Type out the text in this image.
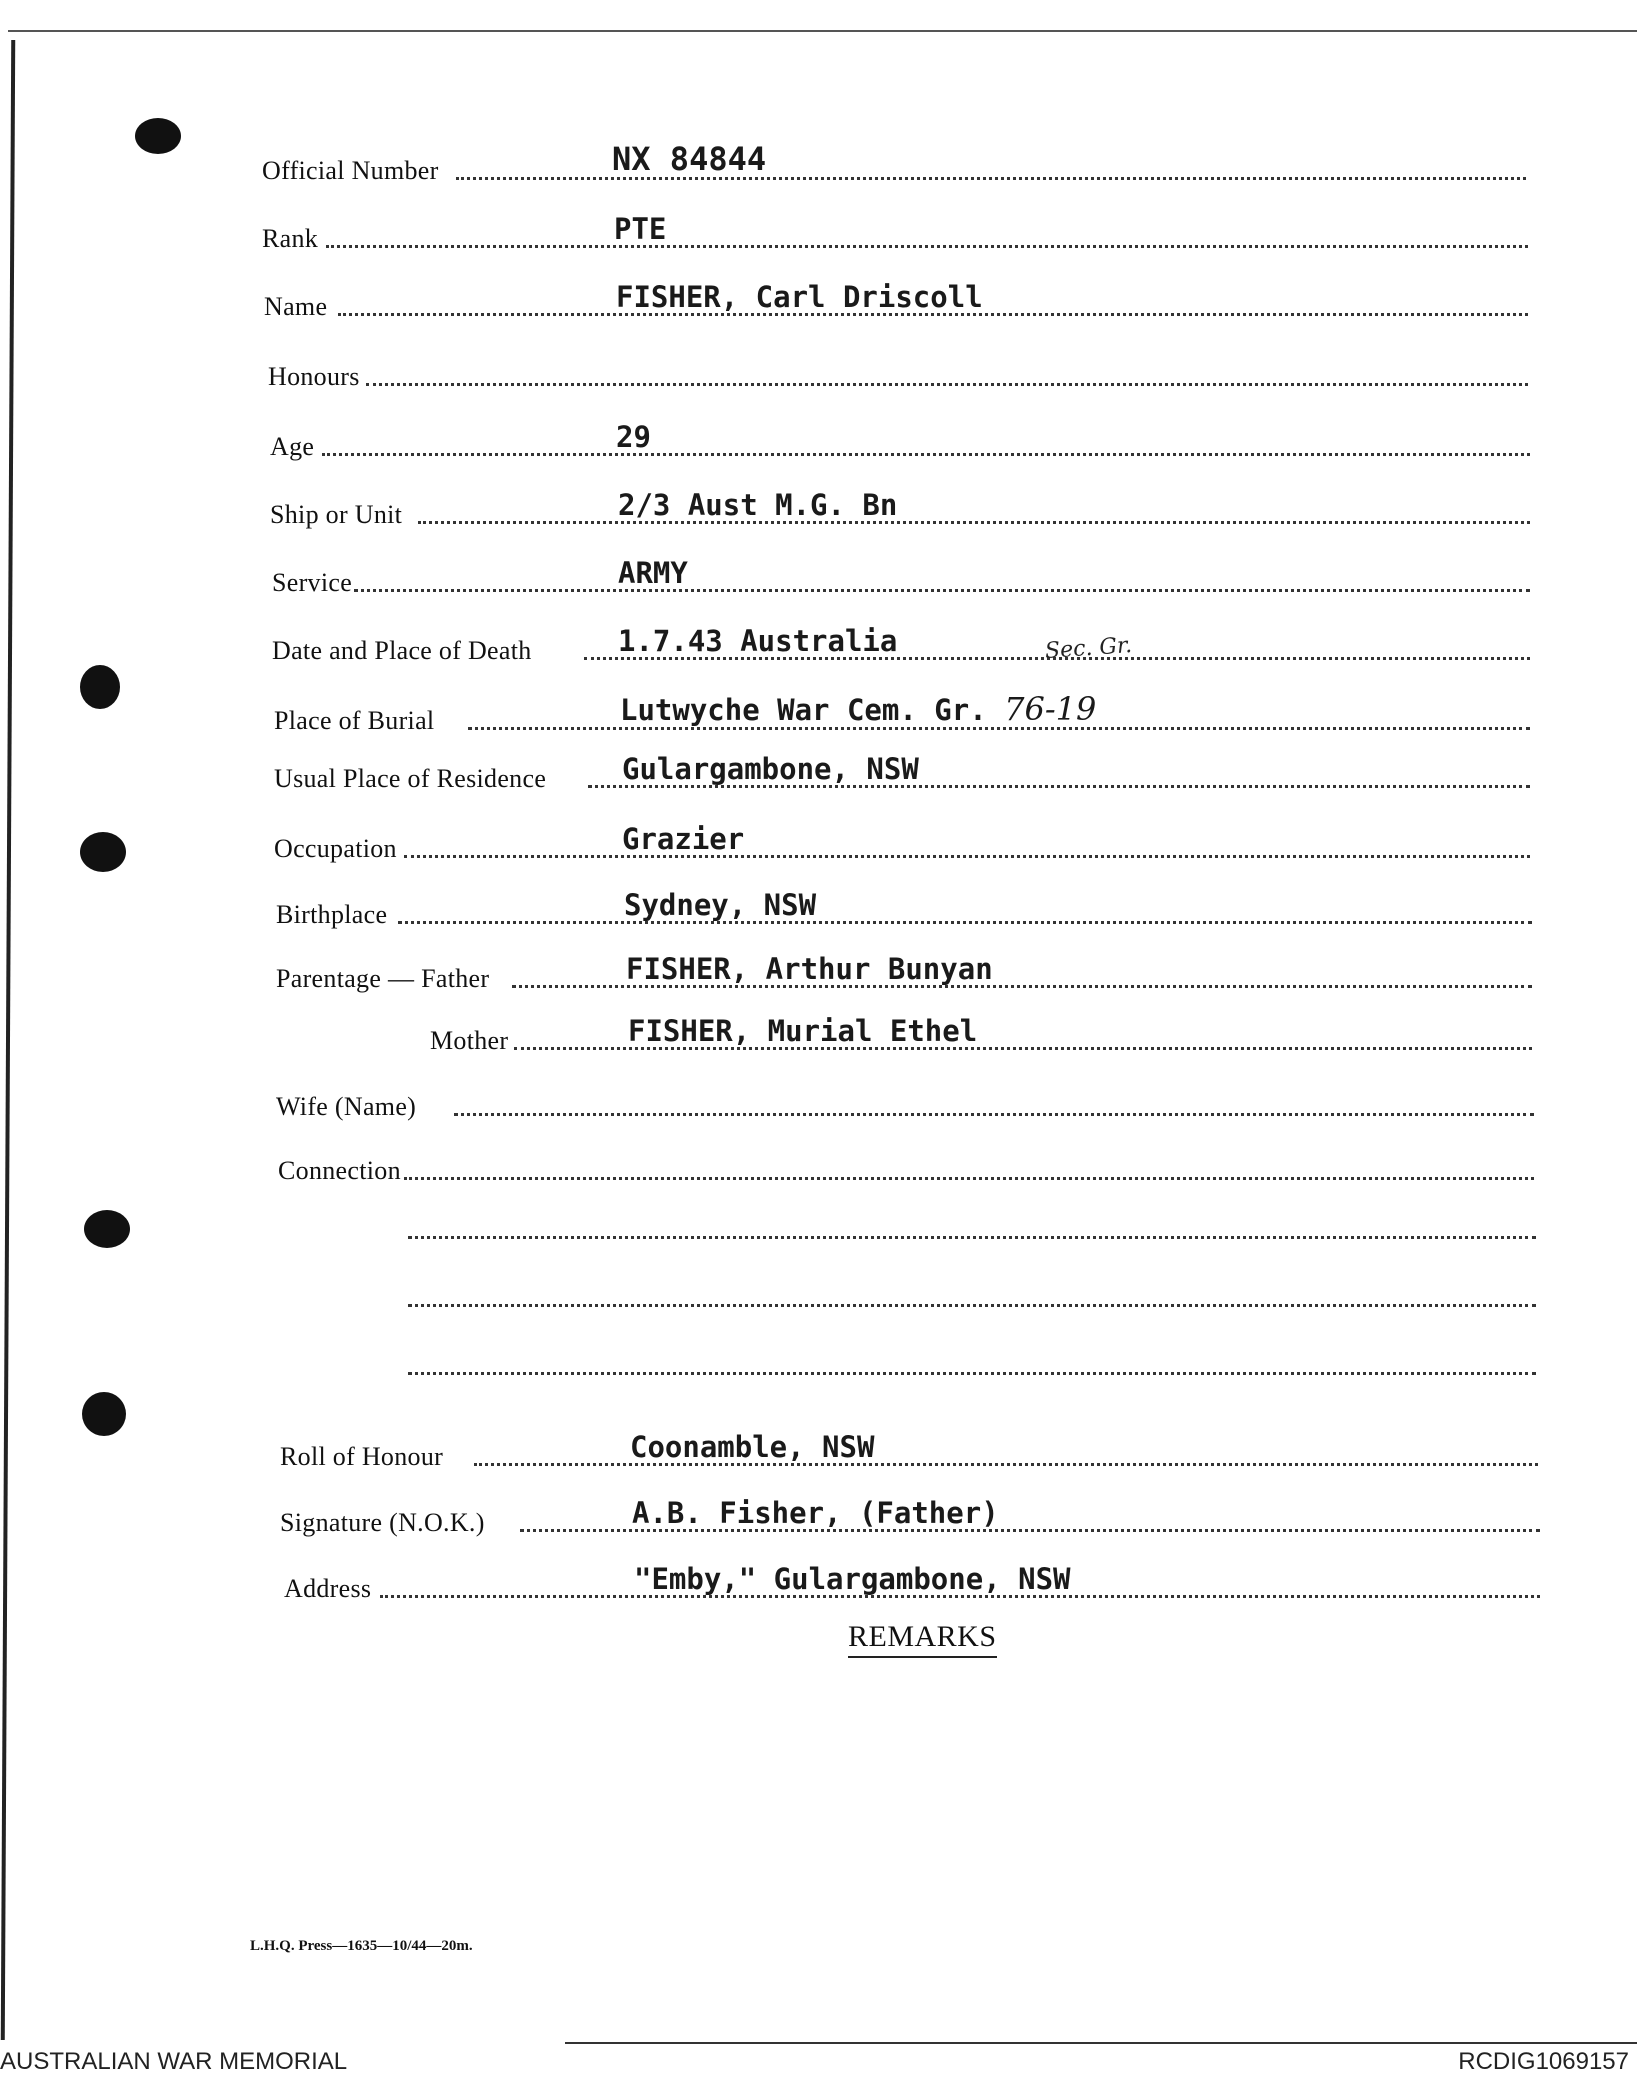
Official Number	NX 84844
Rank	PTE
Name	FISHER, Carl Driscoll
Honours
Age	29
Ship or Unit	2/3 Aust M.G. Bn
Service	ARMY
Date and Place of Death	1.7.43 Australia	Sec. Gr.
Place of Burial	Lutwyche War Cem. Gr. 76-19
Usual Place of Residence	Gulargambone, NSW
Occupation	Grazier
Birthplace	Sydney, NSW
Parentage — Father	FISHER, Arthur Bunyan
Mother	FISHER, Murial Ethel
Wife (Name)
Connection
Roll of Honour	Coonamble, NSW
Signature (N.O.K.)	A.B. Fisher, (Father)
Address	"Emby," Gulargambone, NSW
REMARKS
L.H.Q. Press—1635—10/44—20m.
AUSTRALIAN WAR MEMORIAL	RCDIG1069157
